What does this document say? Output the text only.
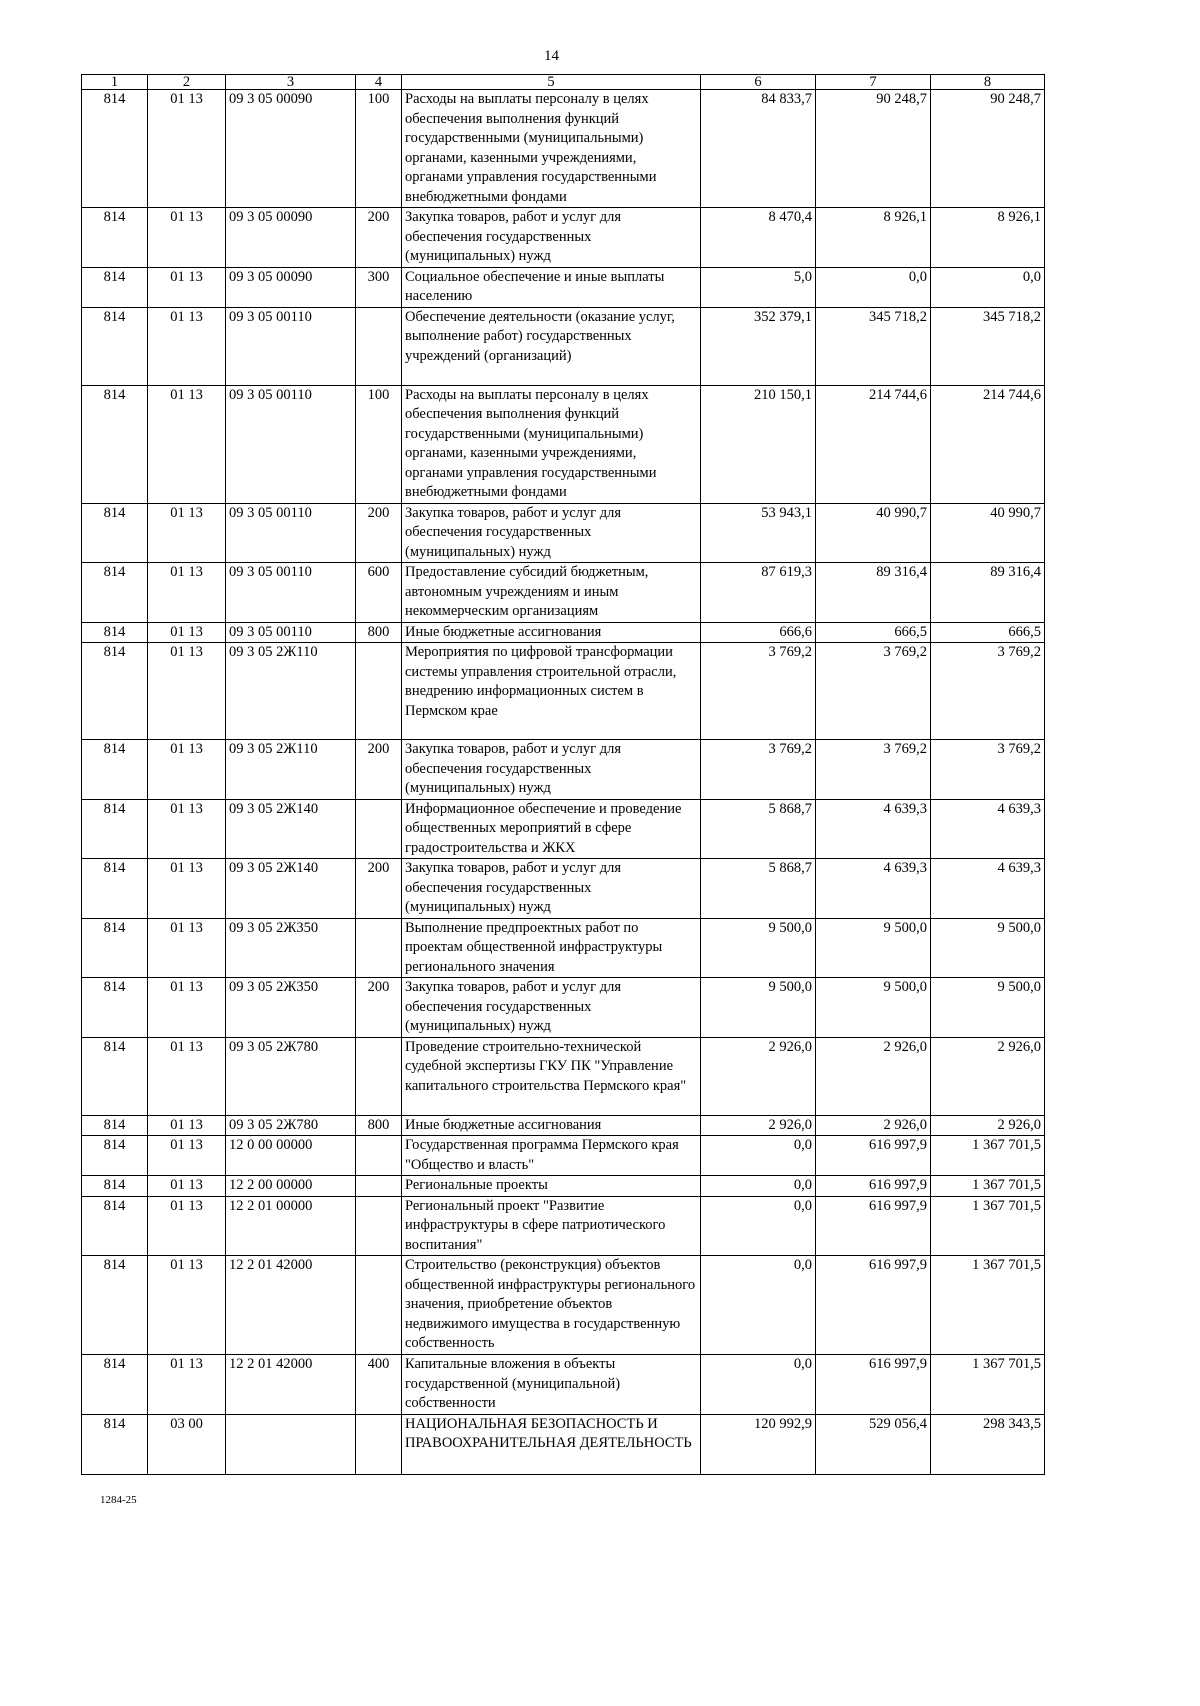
14
1	2	3	4	5	6	7	8
814	01 13	09 3 05 00090	100	Расходы на выплаты персоналу в целях обеспечения выполнения функций государственными (муниципальными) органами, казенными учреждениями, органами управления государственными внебюджетными фондами	84 833,7	90 248,7	90 248,7
814	01 13	09 3 05 00090	200	Закупка товаров, работ и услуг для обеспечения государственных (муниципальных) нужд	8 470,4	8 926,1	8 926,1
814	01 13	09 3 05 00090	300	Социальное обеспечение и иные выплаты населению	5,0	0,0	0,0
814	01 13	09 3 05 00110		Обеспечение деятельности (оказание услуг, выполнение работ) государственных учреждений (организаций)	352 379,1	345 718,2	345 718,2
814	01 13	09 3 05 00110	100	Расходы на выплаты персоналу в целях обеспечения выполнения функций государственными (муниципальными) органами, казенными учреждениями, органами управления государственными внебюджетными фондами	210 150,1	214 744,6	214 744,6
814	01 13	09 3 05 00110	200	Закупка товаров, работ и услуг для обеспечения государственных (муниципальных) нужд	53 943,1	40 990,7	40 990,7
814	01 13	09 3 05 00110	600	Предоставление субсидий бюджетным, автономным учреждениям и иным некоммерческим организациям	87 619,3	89 316,4	89 316,4
814	01 13	09 3 05 00110	800	Иные бюджетные ассигнования	666,6	666,5	666,5
814	01 13	09 3 05 2Ж110		Мероприятия по цифровой трансформации системы управления строительной отрасли, внедрению информационных систем в Пермском крае	3 769,2	3 769,2	3 769,2
814	01 13	09 3 05 2Ж110	200	Закупка товаров, работ и услуг для обеспечения государственных (муниципальных) нужд	3 769,2	3 769,2	3 769,2
814	01 13	09 3 05 2Ж140		Информационное обеспечение и проведение общественных мероприятий в сфере градостроительства и ЖКХ	5 868,7	4 639,3	4 639,3
814	01 13	09 3 05 2Ж140	200	Закупка товаров, работ и услуг для обеспечения государственных (муниципальных) нужд	5 868,7	4 639,3	4 639,3
814	01 13	09 3 05 2Ж350		Выполнение предпроектных работ по проектам общественной инфраструктуры регионального значения	9 500,0	9 500,0	9 500,0
814	01 13	09 3 05 2Ж350	200	Закупка товаров, работ и услуг для обеспечения государственных (муниципальных) нужд	9 500,0	9 500,0	9 500,0
814	01 13	09 3 05 2Ж780		Проведение строительно-технической судебной экспертизы ГКУ ПК "Управление капитального строительства Пермского края"	2 926,0	2 926,0	2 926,0
814	01 13	09 3 05 2Ж780	800	Иные бюджетные ассигнования	2 926,0	2 926,0	2 926,0
814	01 13	12 0 00 00000		Государственная программа Пермского края "Общество и власть"	0,0	616 997,9	1 367 701,5
814	01 13	12 2 00 00000		Региональные проекты	0,0	616 997,9	1 367 701,5
814	01 13	12 2 01 00000		Региональный проект "Развитие инфраструктуры в сфере патриотического воспитания"	0,0	616 997,9	1 367 701,5
814	01 13	12 2 01 42000		Строительство (реконструкция) объектов общественной инфраструктуры регионального значения, приобретение объектов недвижимого имущества в государственную собственность	0,0	616 997,9	1 367 701,5
814	01 13	12 2 01 42000	400	Капитальные вложения в объекты государственной (муниципальной) собственности	0,0	616 997,9	1 367 701,5
814	03 00			НАЦИОНАЛЬНАЯ БЕЗОПАСНОСТЬ И ПРАВООХРАНИТЕЛЬНАЯ ДЕЯТЕЛЬНОСТЬ	120 992,9	529 056,4	298 343,5
1284-25
